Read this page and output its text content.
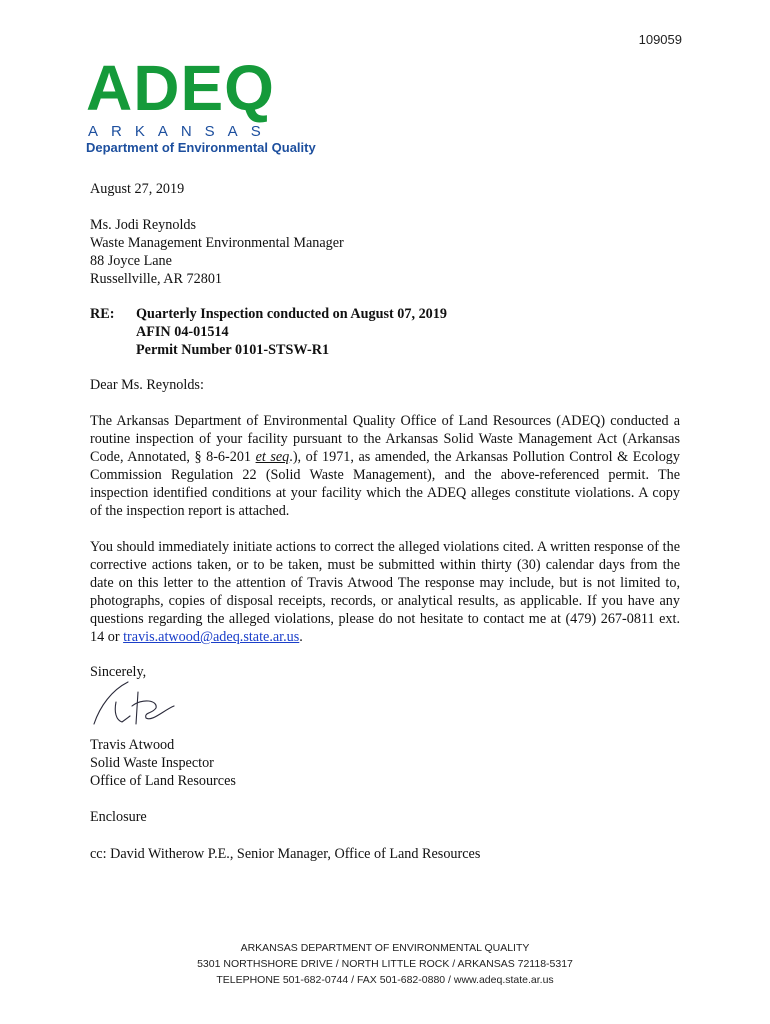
109059
ADEQ
ARKANSAS
Department of Environmental Quality
August 27, 2019
Ms. Jodi Reynolds
Waste Management Environmental Manager
88 Joyce Lane
Russellville, AR 72801
RE:	Quarterly Inspection conducted on August 07, 2019
AFIN 04-01514
Permit Number 0101-STSW-R1
Dear Ms. Reynolds:

The Arkansas Department of Environmental Quality Office of Land Resources (ADEQ) conducted a routine inspection of your facility pursuant to the Arkansas Solid Waste Management Act (Arkansas Code, Annotated, § 8-6-201 et seq.), of 1971, as amended, the Arkansas Pollution Control & Ecology Commission Regulation 22 (Solid Waste Management), and the above-referenced permit. The inspection identified conditions at your facility which the ADEQ alleges constitute violations. A copy of the inspection report is attached.

You should immediately initiate actions to correct the alleged violations cited. A written response of the corrective actions taken, or to be taken, must be submitted within thirty (30) calendar days from the date on this letter to the attention of Travis Atwood The response may include, but is not limited to, photographs, copies of disposal receipts, records, or analytical results, as applicable. If you have any questions regarding the alleged violations, please do not hesitate to contact me at (479) 267-0811 ext. 14 or travis.atwood@adeq.state.ar.us.

Sincerely,
Travis Atwood
Solid Waste Inspector
Office of Land Resources
Enclosure
cc: David Witherow P.E., Senior Manager, Office of Land Resources
ARKANSAS DEPARTMENT OF ENVIRONMENTAL QUALITY
5301 NORTHSHORE DRIVE / NORTH LITTLE ROCK / ARKANSAS 72118-5317
TELEPHONE 501-682-0744 / FAX 501-682-0880 / www.adeq.state.ar.us
